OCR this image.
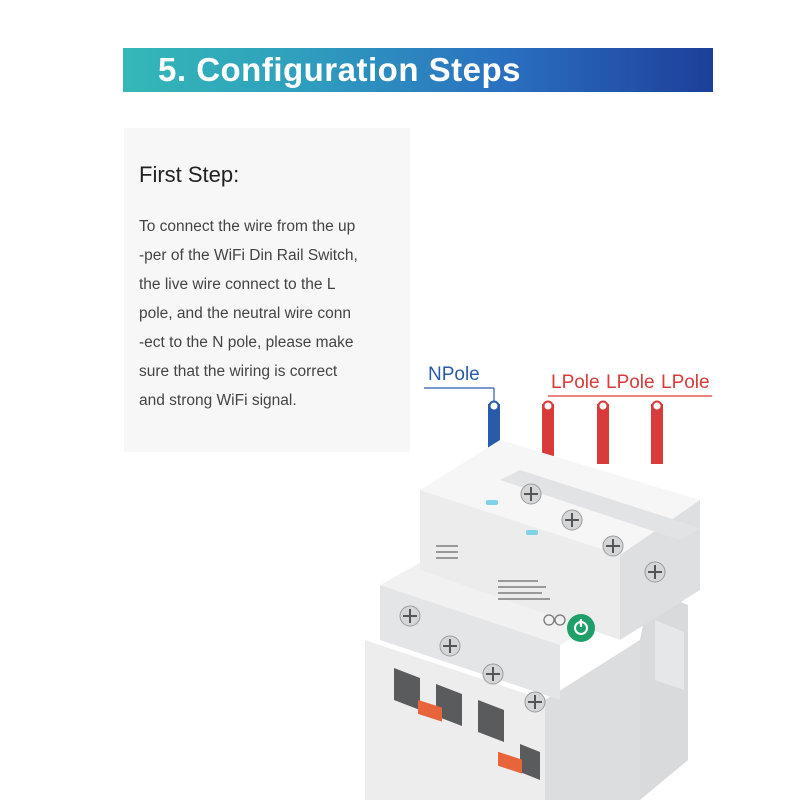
5. Configuration Steps
First Step:
To connect the wire from the up
-per of the WiFi Din Rail Switch,
the live wire connect to the L
pole, and the neutral wire conn
-ect to the N pole, please make
sure that the wiring is correct
and strong WiFi signal.
NPole	LPole LPole LPole
